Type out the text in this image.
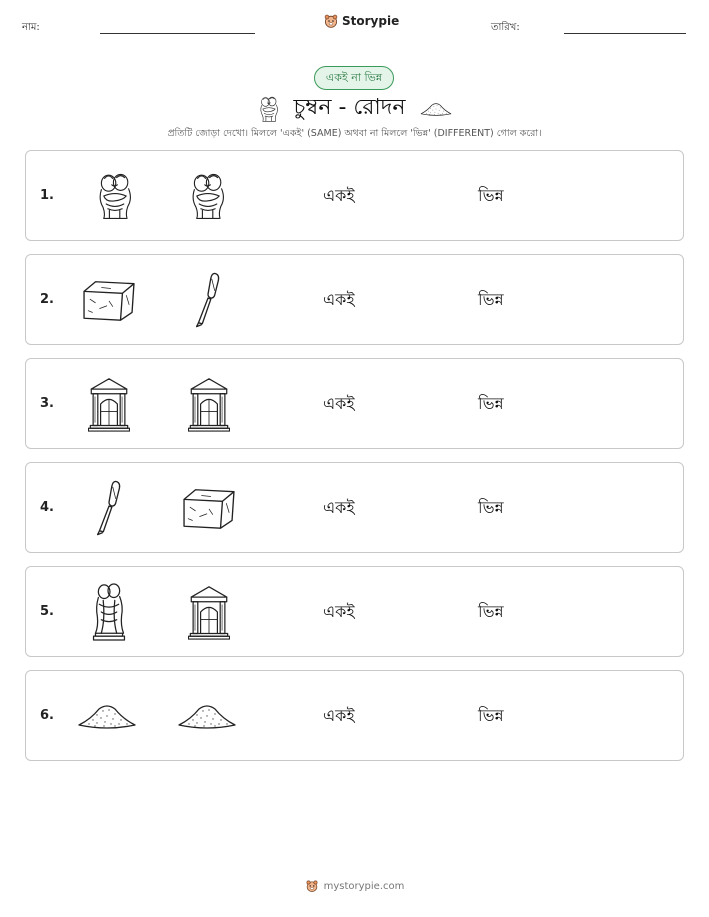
নাম:	Storypie	তারিখ:
একই না ভিন্ন
চুম্বন - রোদন
প্রতিটি জোড়া দেখো। মিললে 'একই' (SAME) অথবা না মিললে 'ভিন্ন' (DIFFERENT) গোল করো।
1.	একই	ভিন্ন
2.	একই	ভিন্ন
3.	একই	ভিন্ন
4.	একই	ভিন্ন
5.	একই	ভিন্ন
6.	একই	ভিন্ন
mystorypie.com
